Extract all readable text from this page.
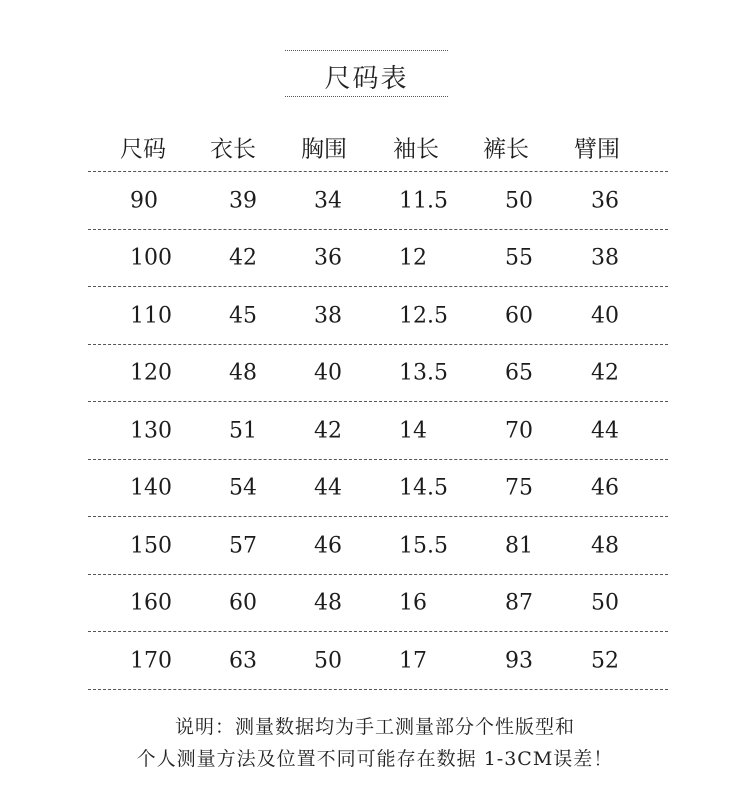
尺码表
尺码 衣长 胸围 袖长 裤长 臂围
90	39	34	11.5	50	36
100	42	36	12	55	38
110	45	38	12.5	60	40
120	48	40	13.5	65	42
130	51	42	14	70	44
140	54	44	14.5	75	46
150	57	46	15.5	81	48
160	60	48	16	87	50
170	63	50	17	93	52
说明：测量数据均为手工测量部分个性版型和
个人测量方法及位置不同可能存在数据 1-3CM误差！
